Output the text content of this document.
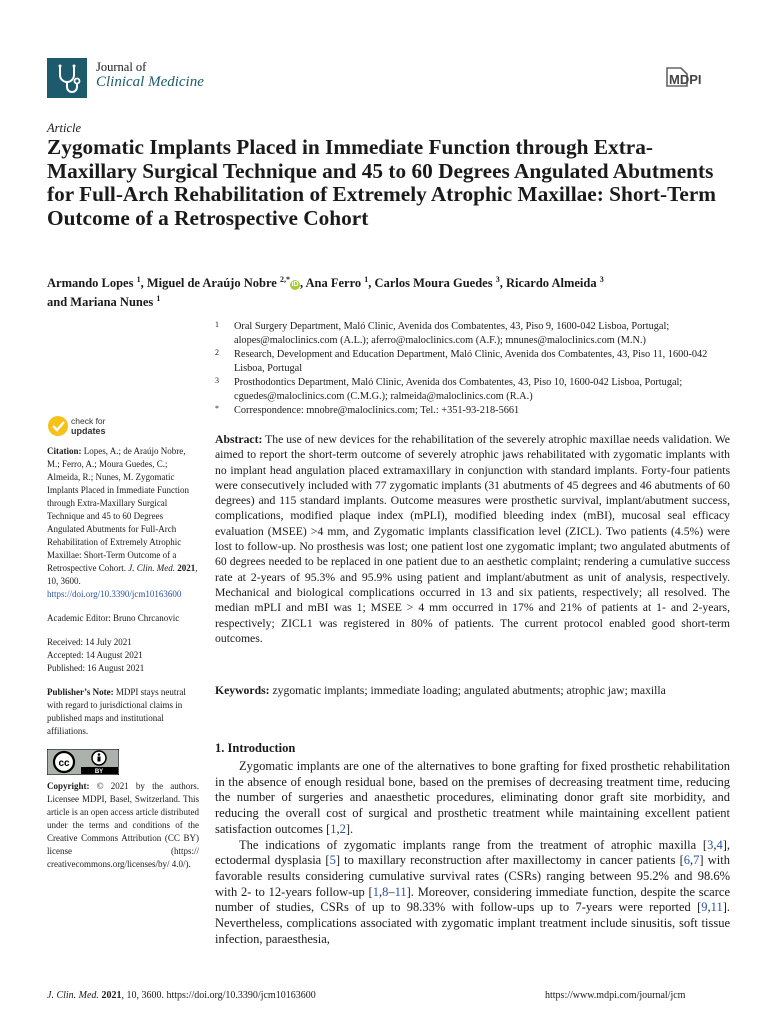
Journal of
Clinical Medicine	MDPI
Article
Zygomatic Implants Placed in Immediate Function through Extra-Maxillary Surgical Technique and 45 to 60 Degrees Angulated Abutments for Full-Arch Rehabilitation of Extremely Atrophic Maxillae: Short-Term Outcome of a Retrospective Cohort
Armando Lopes $^1$, Miguel de Araújo Nobre $^{2,*}$iD , Ana Ferro $^1$, Carlos Moura Guedes $^3$, Ricardo Almeida $^3$
and Mariana Nunes $^1$
1 Oral Surgery Department, Maló Clinic, Avenida dos Combatentes, 43, Piso 9, 1600-042 Lisboa, Portugal; alopes@maloclinics.com (A.L.); aferro@maloclinics.com (A.F.); mnunes@maloclinics.com (M.N.)
2 Research, Development and Education Department, Maló Clinic, Avenida dos Combatentes, 43, Piso 11, 1600-042 Lisboa, Portugal
3 Prosthodontics Department, Maló Clinic, Avenida dos Combatentes, 43, Piso 10, 1600-042 Lisboa, Portugal; cguedes@maloclinics.com (C.M.G.); ralmeida@maloclinics.com (R.A.)
* Correspondence: mnobre@maloclinics.com; Tel.: +351-93-218-5661
check for
updates

Citation: Lopes, A.; de Araújo Nobre, M.; Ferro, A.; Moura Guedes, C.; Almeida, R.; Nunes, M. Zygomatic Implants Placed in Immediate Function through Extra-Maxillary Surgical Technique and 45 to 60 Degrees Angulated Abutments for Full-Arch Rehabilitation of Extremely Atrophic Maxillae: Short-Term Outcome of a Retrospective Cohort. J. Clin. Med. 2021, 10, 3600. https://doi.org/10.3390/jcm10163600

Academic Editor: Bruno Chrcanovic

Received: 14 July 2021

Accepted: 14 August 2021

Published: 16 August 2021

Publisher’s Note: MDPI stays neutral with regard to jurisdictional claims in published maps and institutional affiliations.

cc
BY

Copyright: © 2021 by the authors. Licensee MDPI, Basel, Switzerland. This article is an open access article distributed under the terms and conditions of the Creative Commons Attribution (CC BY) license (https:// creativecommons.org/licenses/by/ 4.0/).

Abstract: The use of new devices for the rehabilitation of the severely atrophic maxillae needs validation. We aimed to report the short-term outcome of severely atrophic jaws rehabilitated with zygomatic implants with no implant head angulation placed extramaxillary in conjunction with standard implants. Forty-four patients were consecutively included with 77 zygomatic implants (31 abutments of 45 degrees and 46 abutments of 60 degrees) and 115 standard implants. Outcome measures were prosthetic survival, implant/abutment success, complications, modified plaque index (mPLI), modified bleeding index (mBI), mucosal seal efficacy evaluation (MSEE) >4 mm, and Zygomatic implants classification level (ZICL). Two patients (4.5%) were lost to follow-up. No prosthesis was lost; one patient lost one zygomatic implant; two angulated abutments of 60 degrees needed to be replaced in one patient due to an aesthetic complaint; rendering a cumulative success rate at 2-years of 95.3% and 95.9% using patient and implant/abutment as unit of analysis, respectively. Mechanical and biological complications occurred in 13 and six patients, respectively; all resolved. The median mPLI and mBI was 1; MSEE > 4 mm occurred in 17% and 21% of patients at 1- and 2-years, respectively; ZICL1 was registered in 80% of patients. The current protocol enabled good short-term outcomes.

Keywords: zygomatic implants; immediate loading; angulated abutments; atrophic jaw; maxilla

1. Introduction

Zygomatic implants are one of the alternatives to bone grafting for fixed prosthetic rehabilitation in the absence of enough residual bone, based on the premises of decreasing treatment time, reducing the number of surgeries and anaesthetic procedures, eliminating donor graft site morbidity, and reducing the overall cost of surgical and prosthetic treatment while maintaining excellent patient satisfaction outcomes [1,2].

The indications of zygomatic implants range from the treatment of atrophic maxilla [3,4], ectodermal dysplasia [5] to maxillary reconstruction after maxillectomy in cancer patients [6,7] with favorable results considering cumulative survival rates (CSRs) ranging between 95.2% and 98.6% with 2- to 12-years follow-up [1,8–11]. Moreover, considering immediate function, despite the scarce number of studies, CSRs of up to 98.33% with follow-ups up to 7-years were reported [9,11]. Nevertheless, complications associated with zygomatic implant treatment include sinusitis, soft tissue infection, paraesthesia,

J. Clin. Med. 2021, 10, 3600. https://doi.org/10.3390/jcm10163600	https://www.mdpi.com/journal/jcm
